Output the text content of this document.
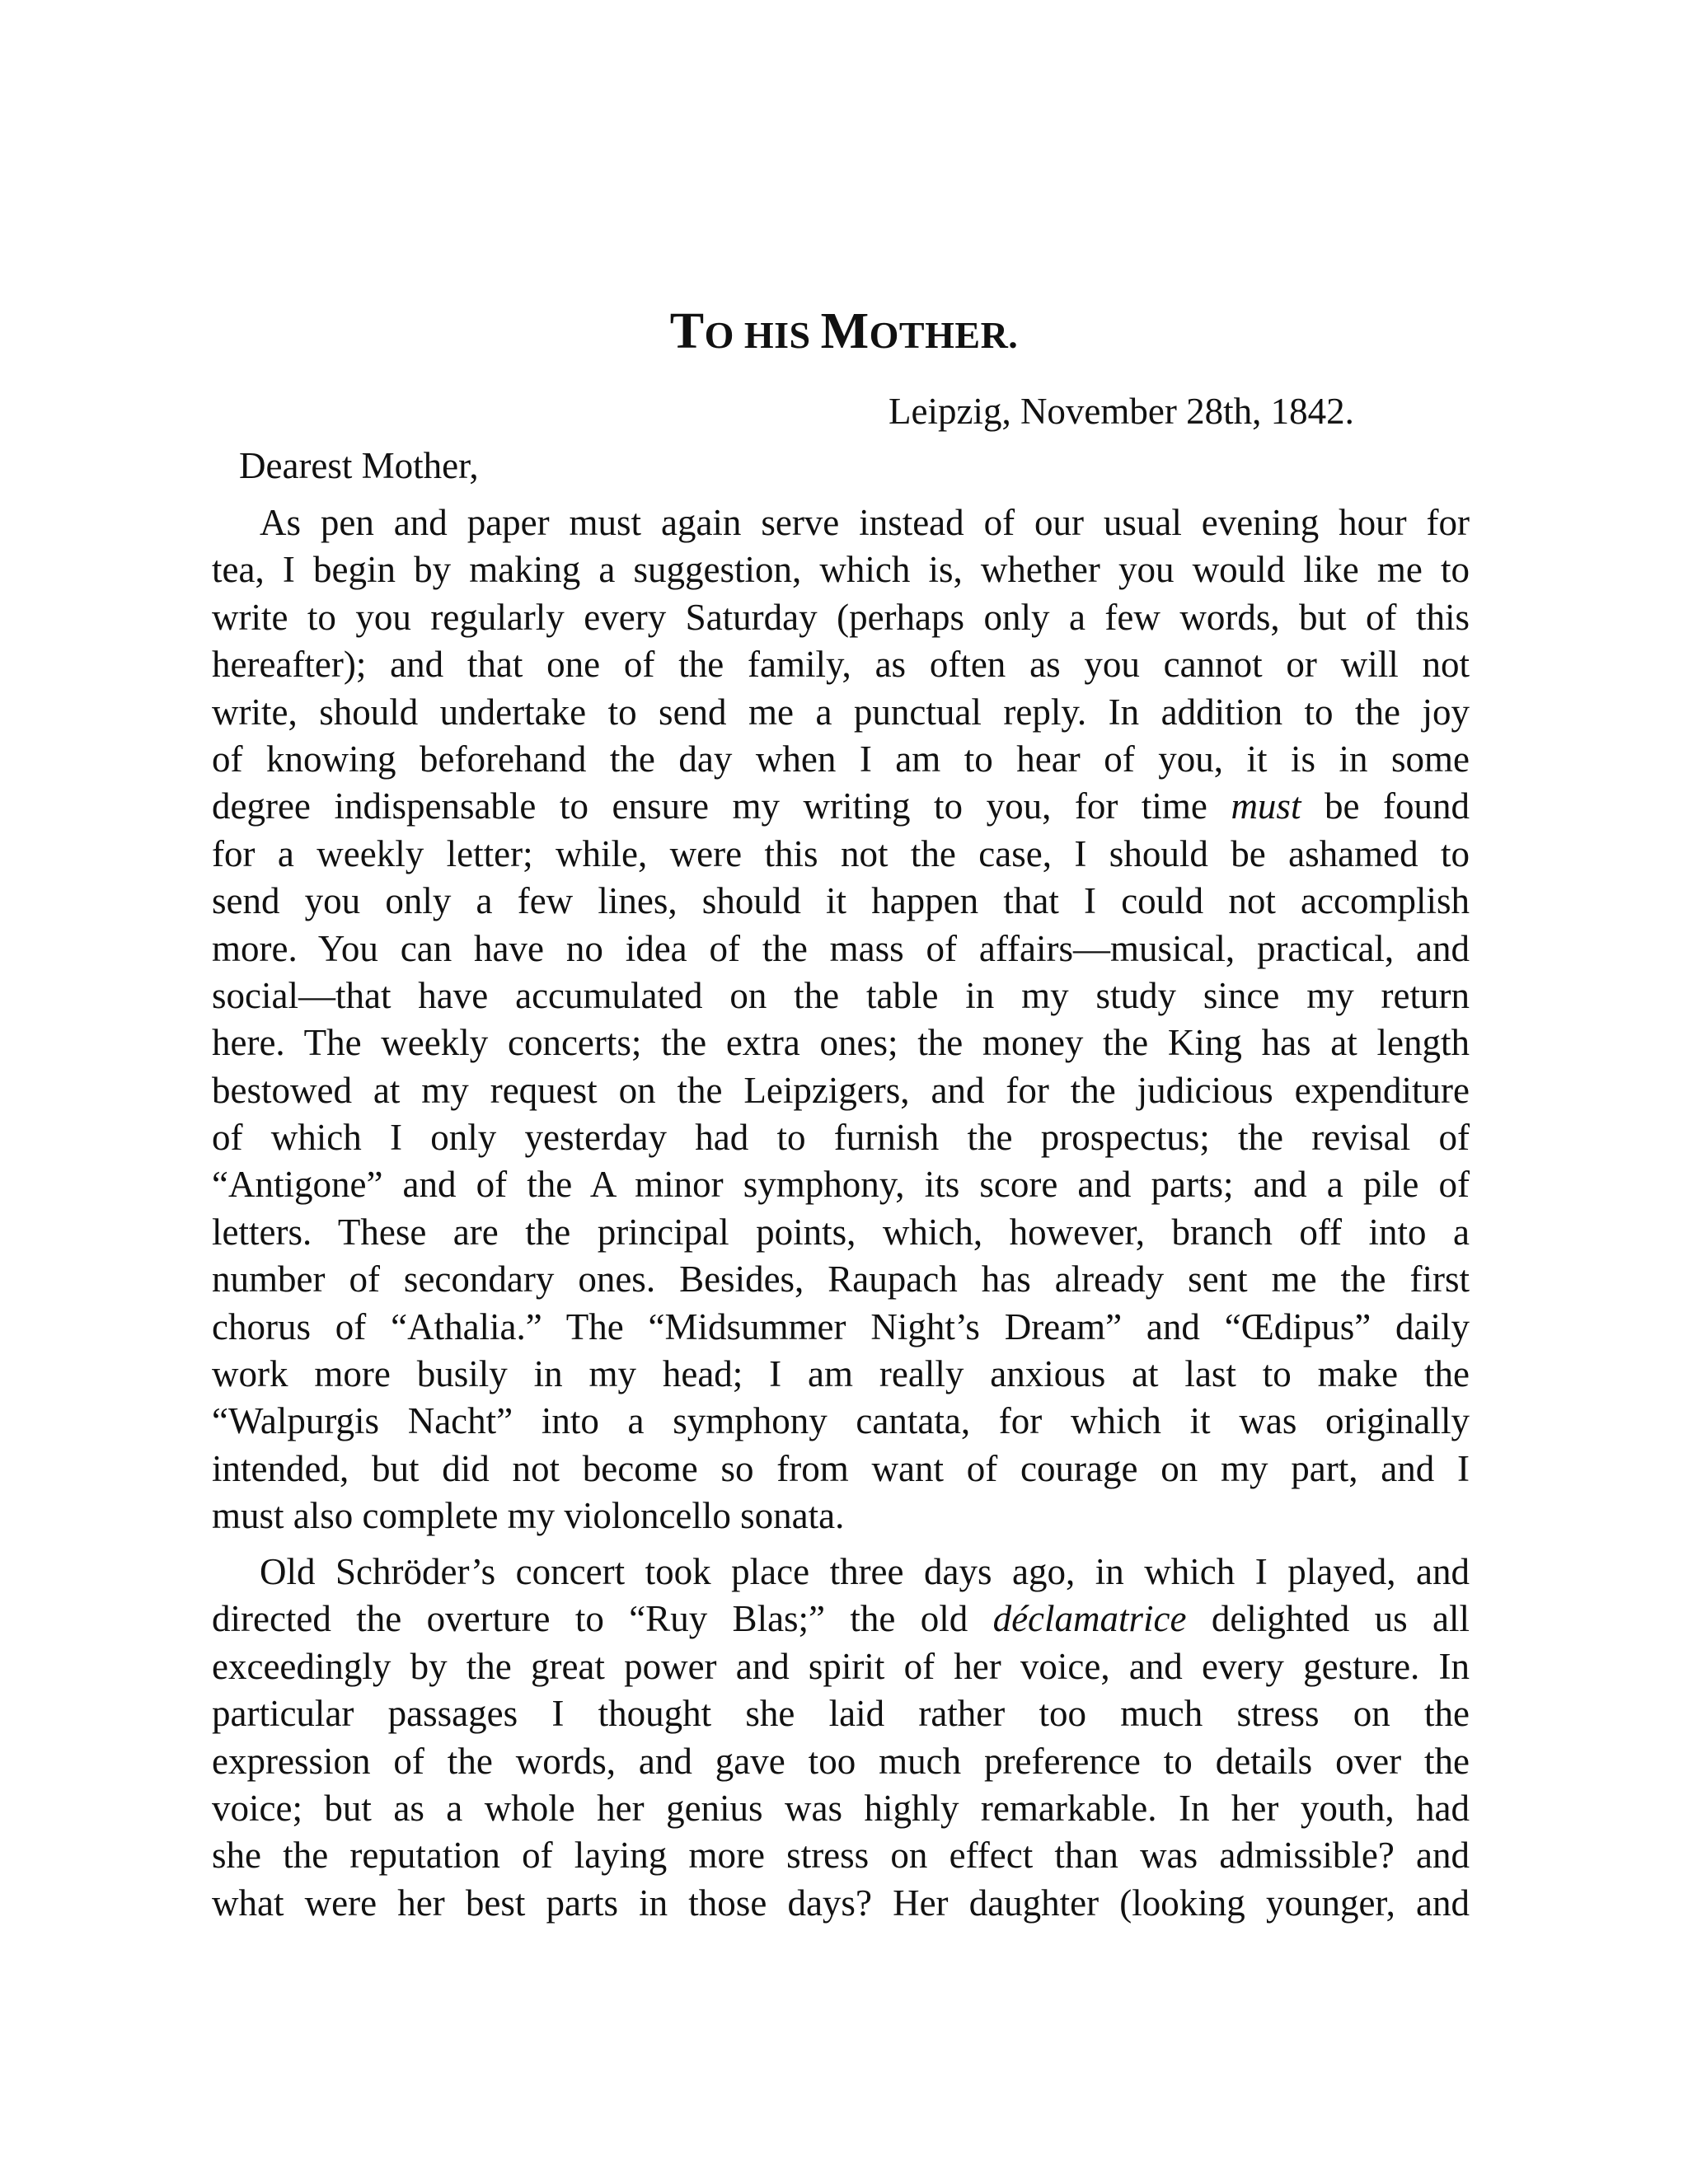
TO HIS MOTHER.
Leipzig, November 28th, 1842.
Dearest Mother,
As pen and paper must again serve instead of our usual evening hour for
tea, I begin by making a suggestion, which is, whether you would like me to
write to you regularly every Saturday (perhaps only a few words, but of this
hereafter); and that one of the family, as often as you cannot or will not
write, should undertake to send me a punctual reply. In addition to the joy
of knowing beforehand the day when I am to hear of you, it is in some
degree indispensable to ensure my writing to you, for time must be found
for a weekly letter; while, were this not the case, I should be ashamed to
send you only a few lines, should it happen that I could not accomplish
more. You can have no idea of the mass of affairs—musical, practical, and
social—that have accumulated on the table in my study since my return
here. The weekly concerts; the extra ones; the money the King has at length
bestowed at my request on the Leipzigers, and for the judicious expenditure
of which I only yesterday had to furnish the prospectus; the revisal of
“Antigone” and of the A minor symphony, its score and parts; and a pile of
letters. These are the principal points, which, however, branch off into a
number of secondary ones. Besides, Raupach has already sent me the first
chorus of “Athalia.” The “Midsummer Night’s Dream” and “Œdipus” daily
work more busily in my head; I am really anxious at last to make the
“Walpurgis Nacht” into a symphony cantata, for which it was originally
intended, but did not become so from want of courage on my part, and I
must also complete my violoncello sonata.
Old Schröder’s concert took place three days ago, in which I played, and
directed the overture to “Ruy Blas;” the old déclamatrice delighted us all
exceedingly by the great power and spirit of her voice, and every gesture. In
particular passages I thought she laid rather too much stress on the
expression of the words, and gave too much preference to details over the
voice; but as a whole her genius was highly remarkable. In her youth, had
she the reputation of laying more stress on effect than was admissible? and
what were her best parts in those days? Her daughter (looking younger, and
